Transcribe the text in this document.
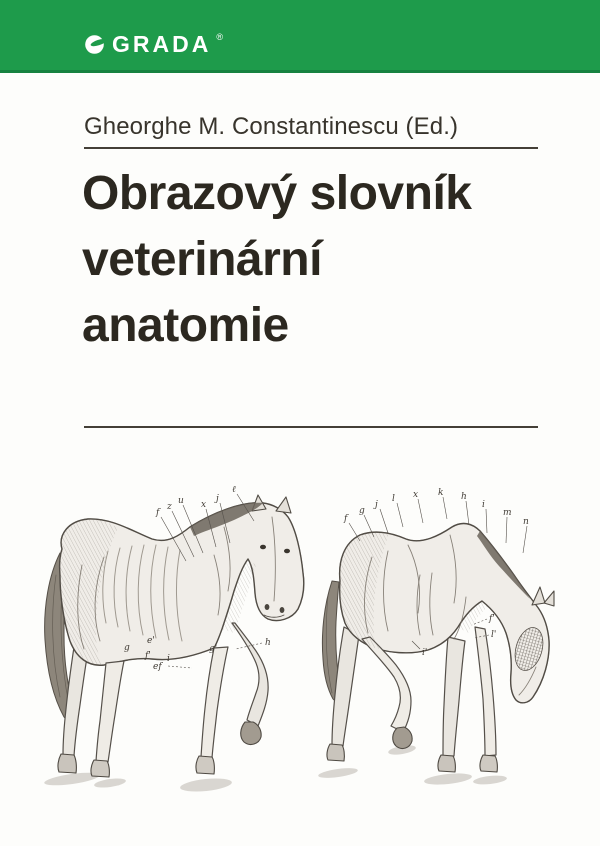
GRADA ®
Gheorghe M. Constantinescu (Ed.)
Obrazový slovník
veterinární
anatomie
f
z
u x
j
ℓ
g
e'
f' i
ef
g'
h
f
g
j
l x k h
i
m
n
f'
l'
i'
